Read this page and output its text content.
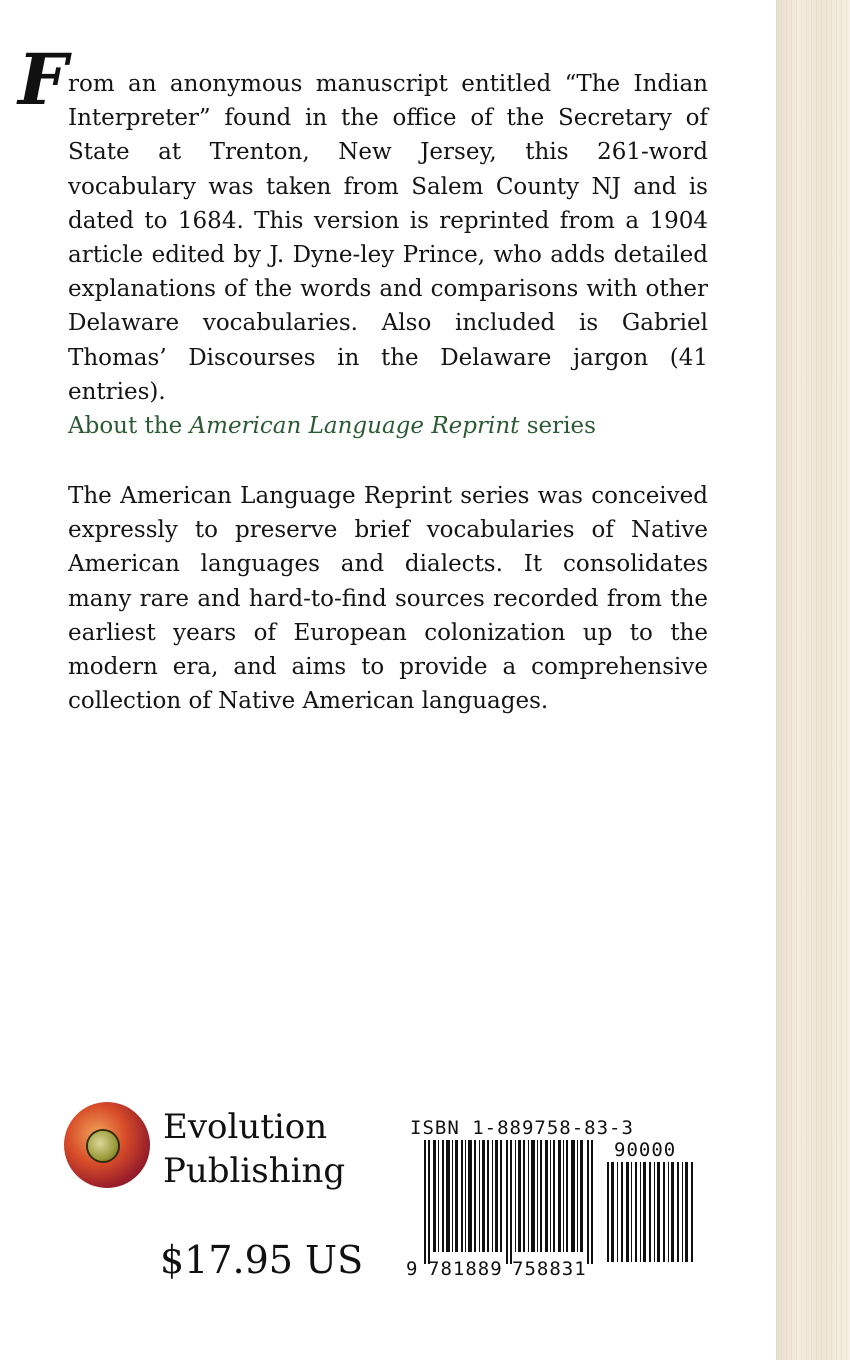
F rom an anonymous manuscript entitled “The Indian Interpreter” found in the office of the Secretary of State at Trenton, New Jersey, this 261-word vocabulary was taken from Salem County NJ and is dated to 1684. This version is reprinted from a 1904 article edited by J. Dyne-ley Prince, who adds detailed explanations of the words and comparisons with other Delaware vocabularies. Also included is Gabriel Thomas’ Discourses in the Delaware jargon (41 entries).

About the American Language Reprint series

The American Language Reprint series was conceived expressly to preserve brief vocabularies of Native American languages and dialects. It consolidates many rare and hard-to-find sources recorded from the earliest years of European colonization up to the modern era, and aims to provide a comprehensive collection of Native American languages.

Evolution
Publishing
$17.95 US
ISBN 1-889758-83-3
90000
9 781889 758831
